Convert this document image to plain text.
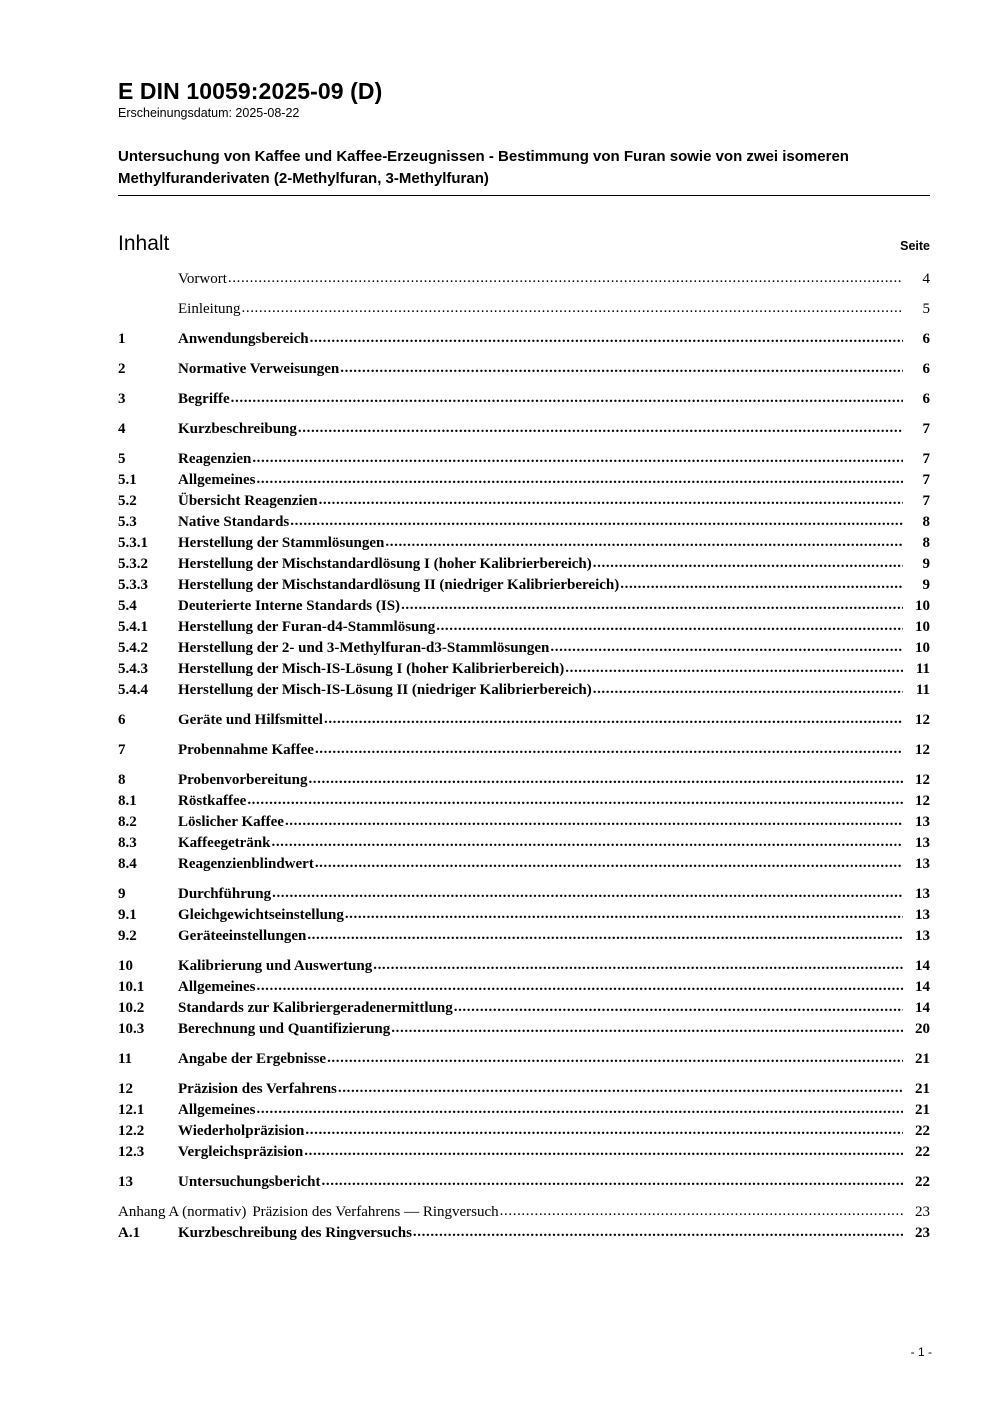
E DIN 10059:2025-09 (D)
Erscheinungsdatum: 2025-08-22
Untersuchung von Kaffee und Kaffee-Erzeugnissen - Bestimmung von Furan sowie von zwei isomeren Methylfuranderivaten (2-Methylfuran, 3-Methylfuran)
Inhalt	Seite
Vorwort .....	4
Einleitung .....	5
1	Anwendungsbereich .....	6
2	Normative Verweisungen .....	6
3	Begriffe .....	6
4	Kurzbeschreibung .....	7
5	Reagenzien .....	7
5.1	Allgemeines .....	7
5.2	Übersicht Reagenzien .....	7
5.3	Native Standards .....	8
5.3.1	Herstellung der Stammlösungen .....	8
5.3.2	Herstellung der Mischstandardlösung I (hoher Kalibrierbereich) .....	9
5.3.3	Herstellung der Mischstandardlösung II (niedriger Kalibrierbereich) .....	9
5.4	Deuterierte Interne Standards (IS) .....	10
5.4.1	Herstellung der Furan-d4-Stammlösung .....	10
5.4.2	Herstellung der 2- und 3-Methylfuran-d3-Stammlösungen .....	10
5.4.3	Herstellung der Misch-IS-Lösung I (hoher Kalibrierbereich) .....	11
5.4.4	Herstellung der Misch-IS-Lösung II (niedriger Kalibrierbereich) .....	11
6	Geräte und Hilfsmittel .....	12
7	Probennahme Kaffee .....	12
8	Probenvorbereitung .....	12
8.1	Röstkaffee .....	12
8.2	Löslicher Kaffee .....	13
8.3	Kaffeegetränk .....	13
8.4	Reagenzienblindwert .....	13
9	Durchführung .....	13
9.1	Gleichgewichtseinstellung .....	13
9.2	Geräteeinstellungen .....	13
10	Kalibrierung und Auswertung .....	14
10.1	Allgemeines .....	14
10.2	Standards zur Kalibriergeradenermittlung .....	14
10.3	Berechnung und Quantifizierung .....	20
11	Angabe der Ergebnisse .....	21
12	Präzision des Verfahrens .....	21
12.1	Allgemeines .....	21
12.2	Wiederholpräzision .....	22
12.3	Vergleichspräzision .....	22
13	Untersuchungsbericht .....	22
Anhang A (normativ) Präzision des Verfahrens — Ringversuch .....	23
A.1	Kurzbeschreibung des Ringversuchs .....	23
- 1 -
